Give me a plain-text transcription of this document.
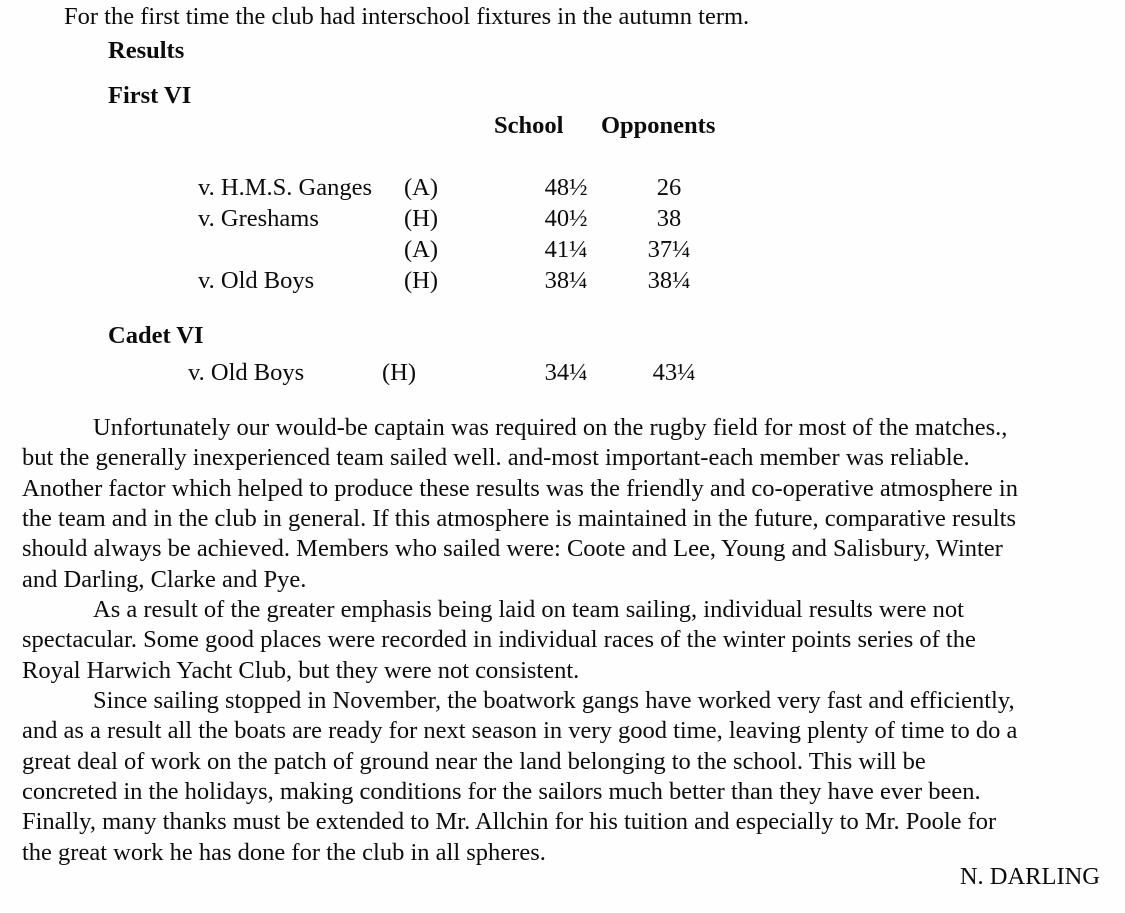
For the first time the club had interschool fixtures in the autumn term.
Results
First VI
School Opponents
v. H.M.S. Ganges (A)	48½	26
v. Greshams	(H)	40½	38
(A)	41¼	37¼
v. Old Boys	(H)	38¼	38¼
Cadet VI
v. Old Boys	(H)	34¼	43¼
Unfortunately our would-be captain was required on the rugby field for most of the matches.,
but the generally inexperienced team sailed well. and-most important-each member was reliable.
Another factor which helped to produce these results was the friendly and co-operative atmosphere in
the team and in the club in general. If this atmosphere is maintained in the future, comparative results
should always be achieved. Members who sailed were: Coote and Lee, Young and Salisbury, Winter
and Darling, Clarke and Pye.
As a result of the greater emphasis being laid on team sailing, individual results were not
spectacular. Some good places were recorded in individual races of the winter points series of the
Royal Harwich Yacht Club, but they were not consistent.
Since sailing stopped in November, the boatwork gangs have worked very fast and efficiently,
and as a result all the boats are ready for next season in very good time, leaving plenty of time to do a
great deal of work on the patch of ground near the land belonging to the school. This will be
concreted in the holidays, making conditions for the sailors much better than they have ever been.
Finally, many thanks must be extended to Mr. Allchin for his tuition and especially to Mr. Poole for
the great work he has done for the club in all spheres.
N. DARLING
